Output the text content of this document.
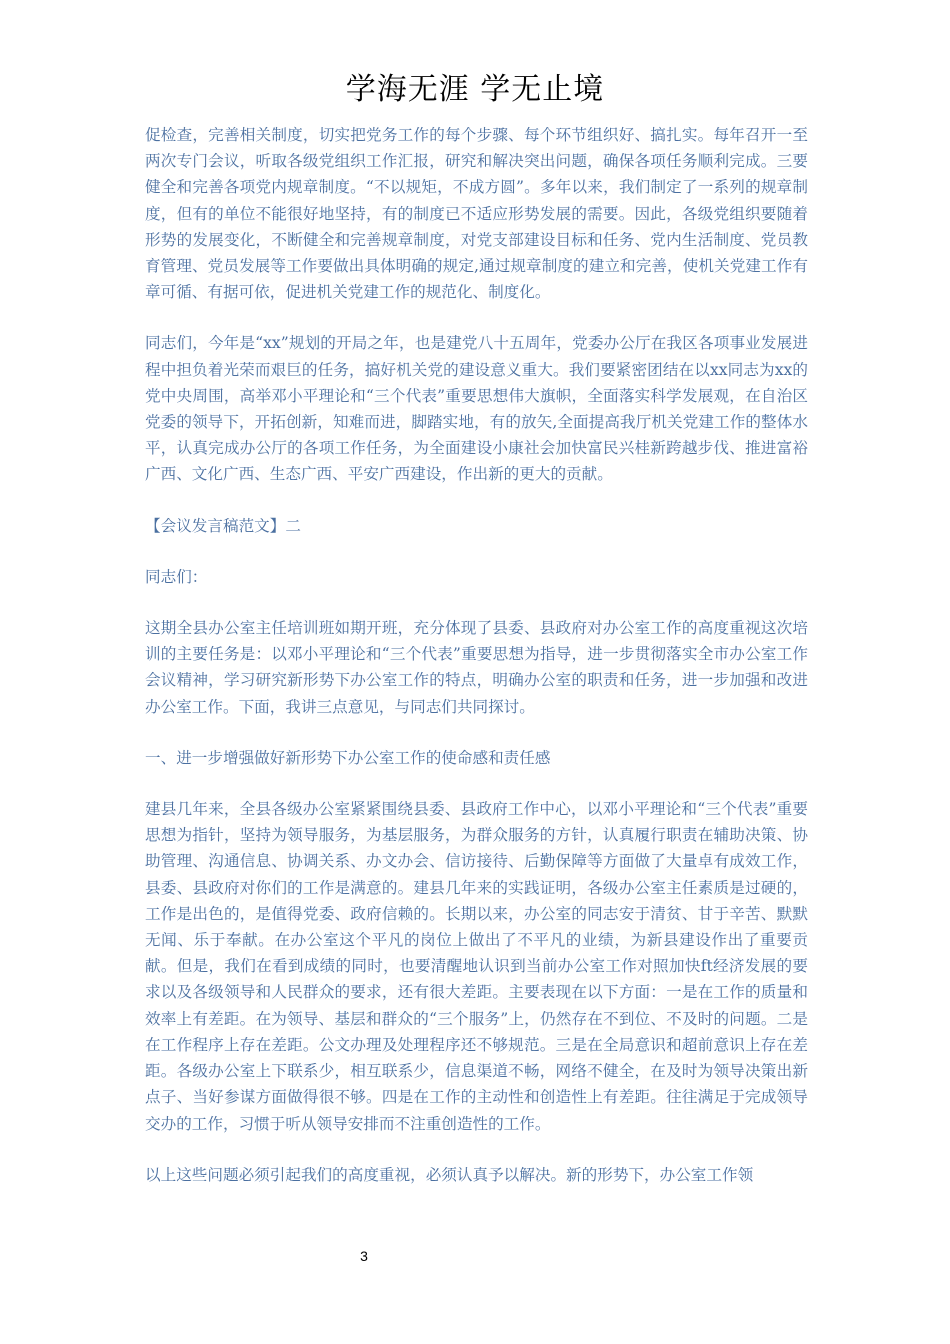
学海无涯 学无止境

促检查，完善相关制度，切实把党务工作的每个步骤、每个环节组织好、搞扎实。每年召开一至两次专门会议，听取各级党组织工作汇报，研究和解决突出问题，确保各项任务顺利完成。三要健全和完善各项党内规章制度。“不以规矩，不成方圆”。多年以来，我们制定了一系列的规章制度，但有的单位不能很好地坚持，有的制度已不适应形势发展的需要。因此，各级党组织要随着形势的发展变化，不断健全和完善规章制度，对党支部建设目标和任务、党内生活制度、党员教育管理、党员发展等工作要做出具体明确的规定,通过规章制度的建立和完善，使机关党建工作有章可循、有据可依，促进机关党建工作的规范化、制度化。

同志们，今年是“xx”规划的开局之年，也是建党八十五周年，党委办公厅在我区各项事业发展进程中担负着光荣而艰巨的任务，搞好机关党的建设意义重大。我们要紧密团结在以xx同志为xx的党中央周围，高举邓小平理论和“三个代表”重要思想伟大旗帜，全面落实科学发展观，在自治区党委的领导下，开拓创新，知难而进，脚踏实地，有的放矢,全面提高我厅机关党建工作的整体水平，认真完成办公厅的各项工作任务，为全面建设小康社会加快富民兴桂新跨越步伐、推进富裕广西、文化广西、生态广西、平安广西建设，作出新的更大的贡献。

【会议发言稿范文】二

同志们：

这期全县办公室主任培训班如期开班，充分体现了县委、县政府对办公室工作的高度重视这次培训的主要任务是：以邓小平理论和“三个代表”重要思想为指导，进一步贯彻落实全市办公室工作会议精神，学习研究新形势下办公室工作的特点，明确办公室的职责和任务，进一步加强和改进办公室工作。下面，我讲三点意见，与同志们共同探讨。

一、进一步增强做好新形势下办公室工作的使命感和责任感

建县几年来，全县各级办公室紧紧围绕县委、县政府工作中心，以邓小平理论和“三个代表”重要思想为指针，坚持为领导服务，为基层服务，为群众服务的方针，认真履行职责在辅助决策、协助管理、沟通信息、协调关系、办文办会、信访接待、后勤保障等方面做了大量卓有成效工作，县委、县政府对你们的工作是满意的。建县几年来的实践证明，各级办公室主任素质是过硬的，工作是出色的，是值得党委、政府信赖的。长期以来，办公室的同志安于清贫、甘于辛苦、默默无闻、乐于奉献。在办公室这个平凡的岗位上做出了不平凡的业绩，为新县建设作出了重要贡献。但是，我们在看到成绩的同时，也要清醒地认识到当前办公室工作对照加快ft经济发展的要求以及各级领导和人民群众的要求，还有很大差距。主要表现在以下方面：一是在工作的质量和效率上有差距。在为领导、基层和群众的“三个服务”上，仍然存在不到位、不及时的问题。二是在工作程序上存在差距。公文办理及处理程序还不够规范。三是在全局意识和超前意识上存在差距。各级办公室上下联系少，相互联系少，信息渠道不畅，网络不健全，在及时为领导决策出新点子、当好参谋方面做得很不够。四是在工作的主动性和创造性上有差距。往往满足于完成领导交办的工作，习惯于听从领导安排而不注重创造性的工作。

以上这些问题必须引起我们的高度重视，必须认真予以解决。新的形势下，办公室工作领

3
